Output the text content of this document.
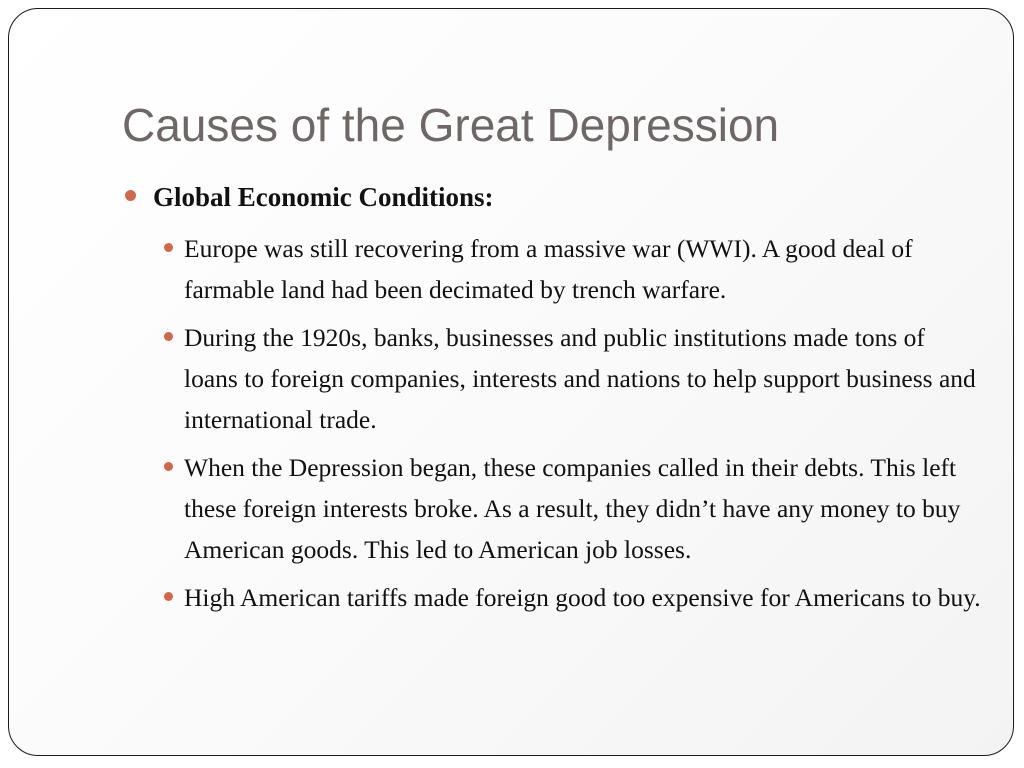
Causes of the Great Depression
Global Economic Conditions:
Europe was still recovering from a massive war (WWI). A good deal of farmable land had been decimated by trench warfare.
During the 1920s, banks, businesses and public institutions made tons of loans to foreign companies, interests and nations to help support business and international trade.
When the Depression began, these companies called in their debts. This left these foreign interests broke. As a result, they didn’t have any money to buy American goods. This led to American job losses.
High American tariffs made foreign good too expensive for Americans to buy.
